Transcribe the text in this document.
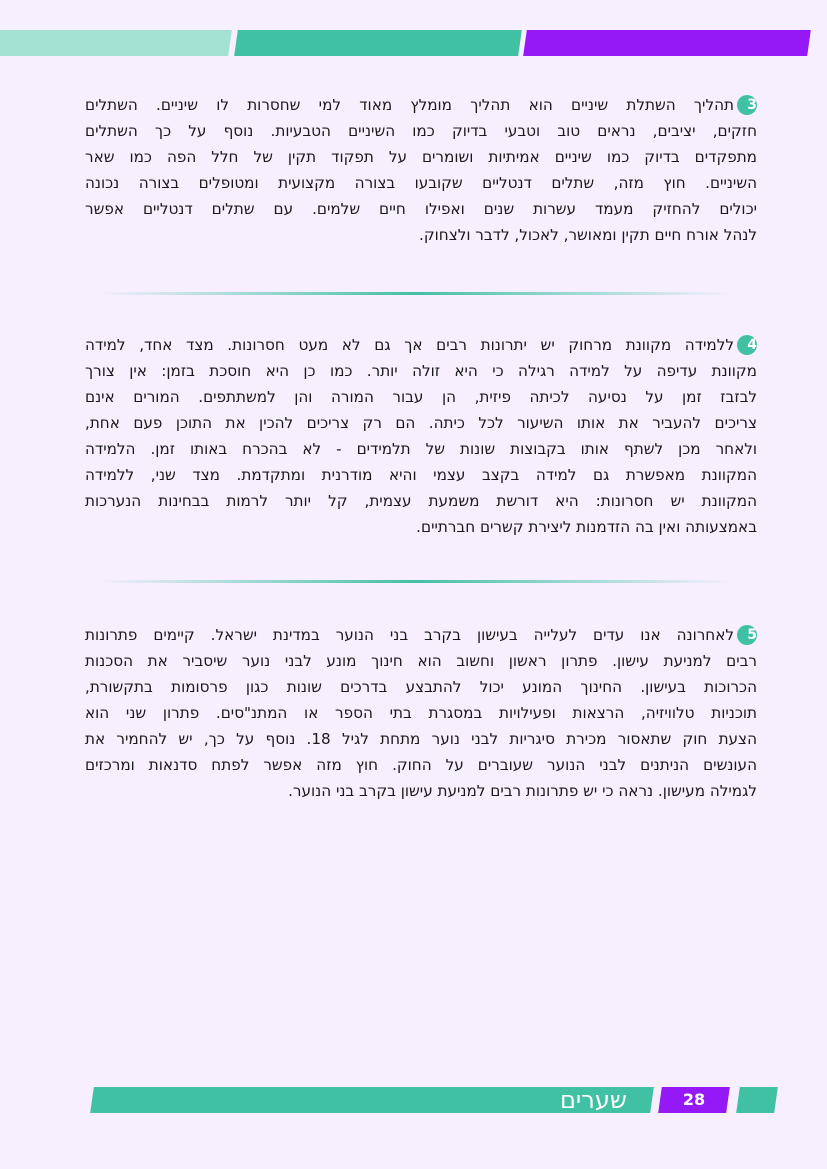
3תהליך השתלת שיניים הוא תהליך מומלץ מאוד למי שחסרות לו שיניים. השתלים
חזקים, יציבים, נראים טוב וטבעי בדיוק כמו השיניים הטבעיות. נוסף על כך השתלים
מתפקדים בדיוק כמו שיניים אמיתיות ושומרים על תפקוד תקין של חלל הפה כמו שאר
השיניים. חוץ מזה, שתלים דנטליים שקובעו בצורה מקצועית ומטופלים בצורה נכונה
יכולים להחזיק מעמד עשרות שנים ואפילו חיים שלמים. עם שתלים דנטליים אפשר
לנהל אורח חיים תקין ומאושר, לאכול, לדבר ולצחוק.
4ללמידה מקוונת מרחוק יש יתרונות רבים אך גם לא מעט חסרונות. מצד אחד, למידה
מקוונת עדיפה על למידה רגילה כי היא זולה יותר. כמו כן היא חוסכת בזמן: אין צורך
לבזבז זמן על נסיעה לכיתה פיזית, הן עבור המורה והן למשתתפים. המורים אינם
צריכים להעביר את אותו השיעור לכל כיתה. הם רק צריכים להכין את התוכן פעם אחת,
ולאחר מכן לשתף אותו בקבוצות שונות של תלמידים - לא בהכרח באותו זמן. הלמידה
המקוונת מאפשרת גם למידה בקצב עצמי והיא מודרנית ומתקדמת. מצד שני, ללמידה
המקוונת יש חסרונות: היא דורשת משמעת עצמית, קל יותר לרמות בבחינות הנערכות
באמצעותה ואין בה הזדמנות ליצירת קשרים חברתיים.
5לאחרונה אנו עדים לעלייה בעישון בקרב בני הנוער במדינת ישראל. קיימים פתרונות
רבים למניעת עישון. פתרון ראשון וחשוב הוא חינוך מונע לבני נוער שיסביר את הסכנות
הכרוכות בעישון. החינוך המונע יכול להתבצע בדרכים שונות כגון פרסומות בתקשורת,
תוכניות טלוויזיה, הרצאות ופעילויות במסגרת בתי הספר או המתנ"סים. פתרון שני הוא
הצעת חוק שתאסור מכירת סיגריות לבני נוער מתחת לגיל 18. נוסף על כך, יש להחמיר את
העונשים הניתנים לבני הנוער שעוברים על החוק. חוץ מזה אפשר לפתח סדנאות ומרכזים
לגמילה מעישון. נראה כי יש פתרונות רבים למניעת עישון בקרב בני הנוער.
שערים	28
